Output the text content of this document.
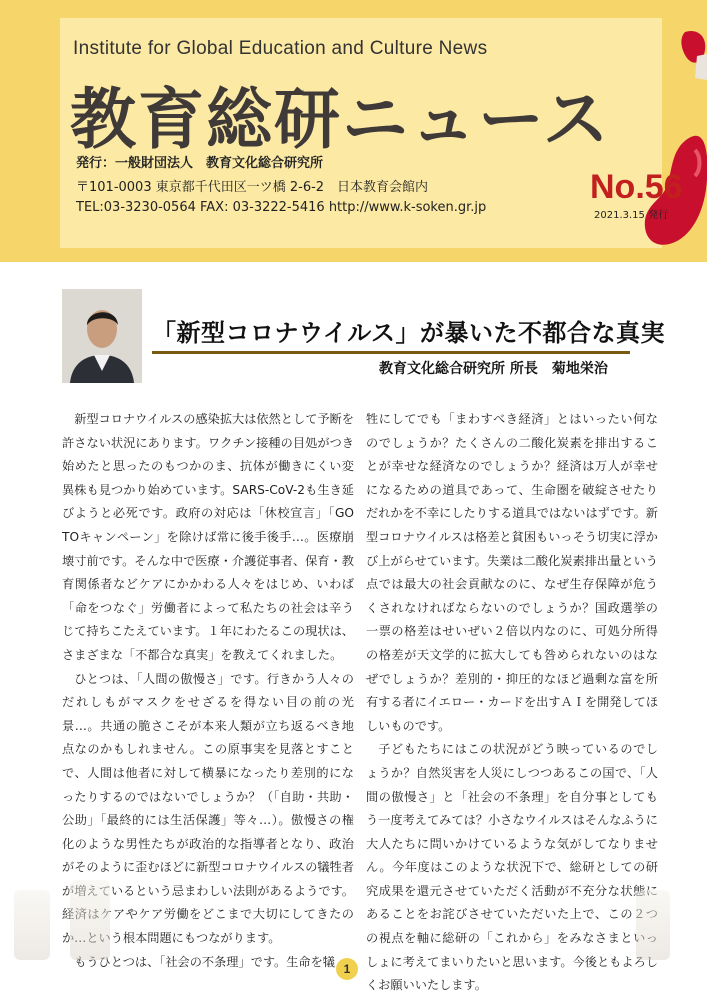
Institute for Global Education and Culture News
教育総研ニュース
発行：一般財団法人　教育文化総合研究所
〒101-0003 東京都千代田区一ツ橋 2-6-2　日本教育会館内
TEL:03-3230-0564 FAX: 03-3222-5416 http://www.k-soken.gr.jp
No.56
2021.3.15 発行
「新型コロナウイルス」が暴いた不都合な真実
教育文化総合研究所 所長　菊地栄治

新型コロナウイルスの感染拡大は依然として予断を許さない状況にあります。ワクチン接種の目処がつき始めたと思ったのもつかのま、抗体が働きにくい変異株も見つかり始めています。SARS-CoV-2も生き延びようと必死です。政府の対応は「休校宣言」「GO TOキャンペーン」を除けば常に後手後手…。医療崩壊寸前です。そんな中で医療・介護従事者、保育・教育関係者などケアにかかわる人々をはじめ、いわば「命をつなぐ」労働者によって私たちの社会は辛うじて持ちこたえています。１年にわたるこの現状は、さまざまな「不都合な真実」を教えてくれました。

ひとつは、「人間の傲慢さ」です。行きかう人々のだれしもがマスクをせざるを得ない目の前の光景…。共通の脆さこそが本来人類が立ち返るべき地点なのかもしれません。この原事実を見落とすことで、人間は他者に対して横暴になったり差別的になったりするのではないでしょうか？（「自助・共助・公助」「最終的には生活保護」等々…）。傲慢さの権化のような男性たちが政治的な指導者となり、政治がそのように歪むほどに新型コロナウイルスの犠牲者が増えているという忌まわしい法則があるようです。経済はケアやケア労働をどこまで大切にしてきたのか…という根本問題にもつながります。

もうひとつは、「社会の不条理」です。生命を犠

牲にしてでも「まわすべき経済」とはいったい何なのでしょうか？たくさんの二酸化炭素を排出することが幸せな経済なのでしょうか？経済は万人が幸せになるための道具であって、生命圏を破綻させたりだれかを不幸にしたりする道具ではないはずです。新型コロナウイルスは格差と貧困もいっそう切実に浮かび上がらせています。失業は二酸化炭素排出量という点では最大の社会貢献なのに、なぜ生存保障が危うくされなければならないのでしょうか？国政選挙の一票の格差はせいぜい２倍以内なのに、可処分所得の格差が天文学的に拡大しても咎められないのはなぜでしょうか？差別的・抑圧的なほど過剰な富を所有する者にイエロー・カードを出すＡＩを開発してほしいものです。

子どもたちにはこの状況がどう映っているのでしょうか？自然災害を人災にしつつあるこの国で、「人間の傲慢さ」と「社会の不条理」を自分事としてもう一度考えてみては？小さなウイルスはそんなふうに大人たちに問いかけているような気がしてなりません。今年度はこのような状況下で、総研としての研究成果を還元させていただく活動が不充分な状態にあることをお詫びさせていただいた上で、この２つの視点を軸に総研の「これから」をみなさまといっしょに考えてまいりたいと思います。今後ともよろしくお願いいたします。

1
